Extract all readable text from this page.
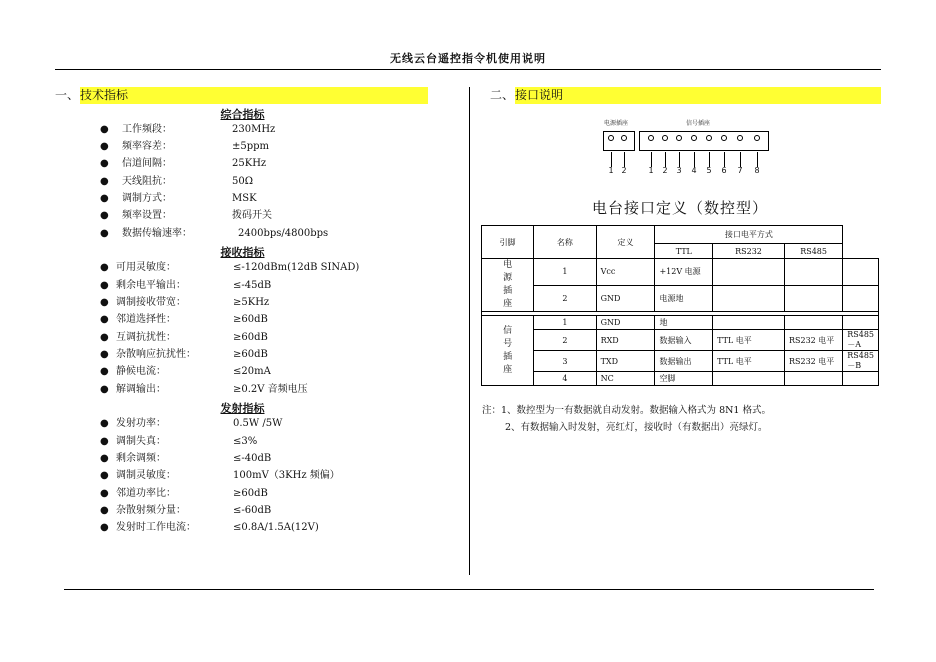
无线云台遥控指令机使用说明
一、技术指标
综合指标
● 工作频段：	230MHz
● 频率容差：	±5ppm
● 信道间隔：	25KHz
● 天线阻抗：	50Ω
● 调制方式：	MSK
● 频率设置：	拨码开关
● 数据传输速率：	2400bps/4800bps
接收指标
● 可用灵敏度：	≤-120dBm(12dB SINAD)
● 剩余电平输出：	≤-45dB
● 调制接收带宽：	≥5KHz
● 邻道选择性：	≥60dB
● 互调抗扰性：	≥60dB
● 杂散响应抗扰性：	≥60dB
● 静候电流：	≤20mA
● 解调输出：	≥0.2V 音频电压
发射指标
● 发射功率：	0.5W /5W
● 调制失真：	≤3%
● 剩余调频：	≤-40dB
● 调制灵敏度：	100mV（3KHz 频偏）
● 邻道功率比：	≥60dB
● 杂散射频分量：	≤-60dB
● 发射时工作电流：	≤0.8A/1.5A(12V)
二、接口说明
电源插座	信号插座
1 2	1	2	3	4	5	6	7	8
电台接口定义（数控型）
引脚	名称	定义	接口电平方式			
			TTL	RS232	RS485	

电
源
插
座	1	Vcc	+12V 电源			
	2	GND	电源地			

信
号
插
座	1	GND	地			
	2	RXD	数据输入	TTL 电平	RS232 电平	RS485－A
	3	TXD	数据输出	TTL 电平	RS232 电平	RS485－B
	4	NC	空脚			
注：1、数控型为一有数据就自动发射。数据输入格式为 8N1 格式。
2、有数据输入时发射，亮红灯，接收时（有数据出）亮绿灯。
